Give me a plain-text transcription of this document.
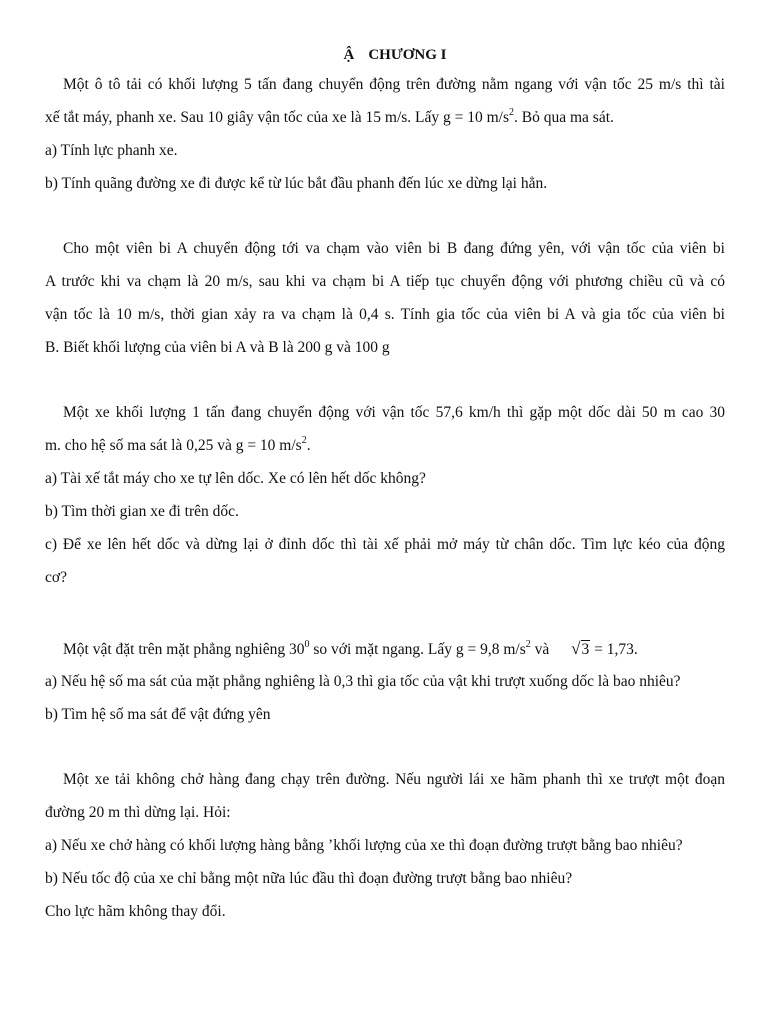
Ậ CHƯƠNG I
Một ô tô tải có khối lượng 5 tấn đang chuyển động trên đường nằm ngang với vận tốc 25 m/s thì tài
xế tắt máy, phanh xe. Sau 10 giây vận tốc của xe là 15 m/s. Lấy g = 10 $m/s^2$. Bỏ qua ma sát.
a) Tính lực phanh xe.
b) Tính quãng đường xe đi được kể từ lúc bắt đầu phanh đến lúc xe dừng lại hẳn.
Cho một viên bi A chuyển động tới va chạm vào viên bi B đang đứng yên, với vận tốc của viên bi
A trước khi va chạm là 20 m/s, sau khi va chạm bi A tiếp tục chuyển động với phương chiều cũ và có
vận tốc là 10 m/s, thời gian xảy ra va chạm là 0,4 s. Tính gia tốc của viên bi A và gia tốc của viên bi
B. Biết khối lượng của viên bi A và B là 200 g và 100 g
Một xe khối lượng 1 tấn đang chuyển động với vận tốc 57,6 km/h thì gặp một dốc dài 50 m cao 30
m. cho hệ số ma sát là 0,25 và g = 10 $m/s^2$.
a) Tài xế tắt máy cho xe tự lên dốc. Xe có lên hết dốc không?
b) Tìm thời gian xe đi trên dốc.
c) Để xe lên hết dốc và dừng lại ở đỉnh dốc thì tài xế phải mở máy từ chân dốc. Tìm lực kéo của động
cơ?
Một vật đặt trên mặt phẳng nghiêng $30^0$ so với mặt ngang. Lấy g = 9,8 $m/s^2$ và √3 = 1,73.
a) Nếu hệ số ma sát của mặt phẳng nghiêng là 0,3 thì gia tốc của vật khi trượt xuống dốc là bao nhiêu?
b) Tìm hệ số ma sát để vật đứng yên
Một xe tải không chở hàng đang chạy trên đường. Nếu người lái xe hãm phanh thì xe trượt một đoạn
đường 20 m thì dừng lại. Hỏi:
a) Nếu xe chở hàng có khối lượng hàng bằng ’khối lượng của xe thì đoạn đường trượt bằng bao nhiêu?
b) Nếu tốc độ của xe chỉ bằng một nữa lúc đầu thì đoạn đường trượt bằng bao nhiêu?
Cho lực hãm không thay đổi.
